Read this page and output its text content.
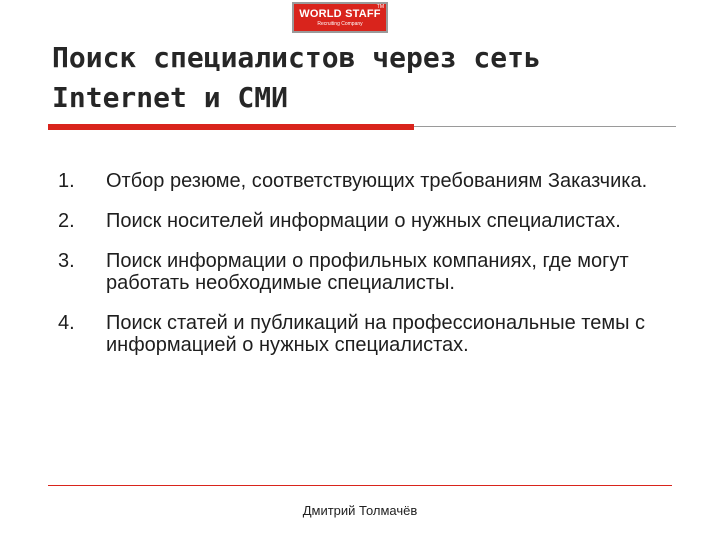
TM
WORLD STAFF
Recruiting Company
Поиск специалистов через сеть
Internet и СМИ
1. Отбор резюме, соответствующих требованиям Заказчика.
2. Поиск носителей информации о нужных специалистах.
3. Поиск информации о профильных компаниях, где могут работать необходимые специалисты.
4. Поиск статей и публикаций на профессиональные темы с информацией о нужных специалистах.
Дмитрий Толмачёв
